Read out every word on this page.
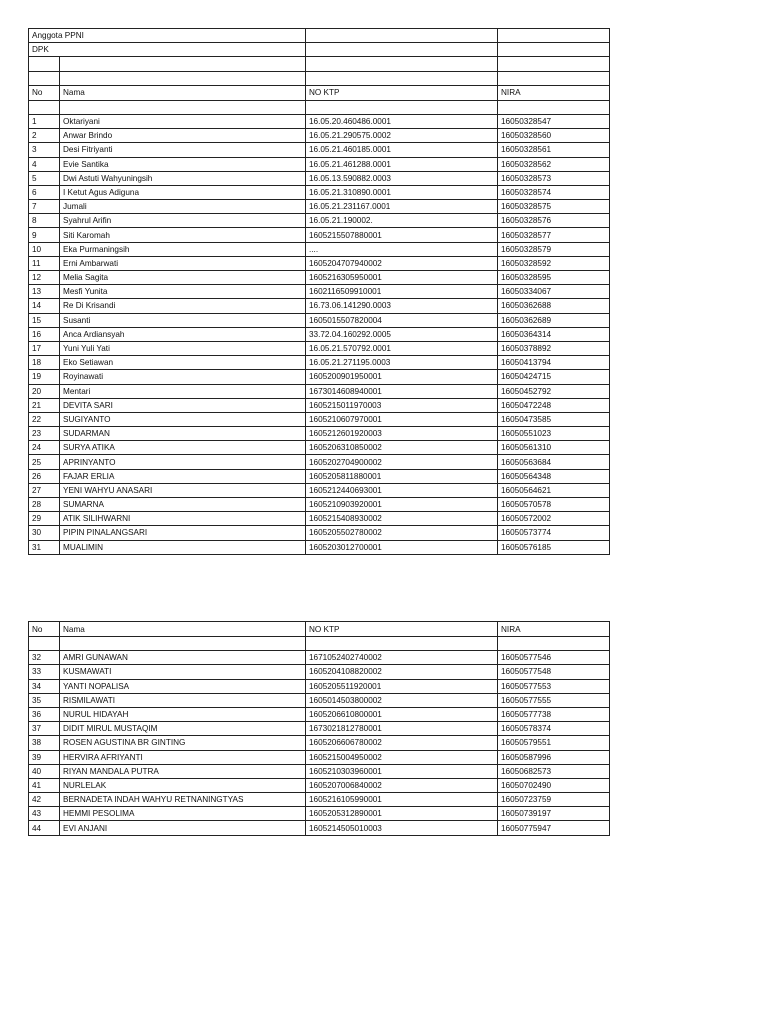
Anggota PPNI			
DPK			

No	Nama	NO KTP	NIRA

1	Oktariyani	16.05.20.460486.0001	16050328547
2	Anwar Brindo	16.05.21.290575.0002	16050328560
3	Desi Fitriyanti	16.05.21.460185.0001	16050328561
4	Evie Santika	16.05.21.461288.0001	16050328562
5	Dwi Astuti Wahyuningsih	16.05.13.590882.0003	16050328573
6	I Ketut Agus Adiguna	16.05.21.310890.0001	16050328574
7	Jumali	16.05.21.231167.0001	16050328575
8	Syahrul Arifin	16.05.21.190002.	16050328576
9	Siti Karomah	1605215507880001	16050328577
10	Eka Purmaningsih	....	16050328579
11	Erni Ambarwati	1605204707940002	16050328592
12	Melia Sagita	1605216305950001	16050328595
13	Mesfi Yunita	1602116509910001	16050334067
14	Re Di Krisandi	16.73.06.141290.0003	16050362688
15	Susanti	1605015507820004	16050362689
16	Anca Ardiansyah	33.72.04.160292.0005	16050364314
17	Yuni Yuli Yati	16.05.21.570792.0001	16050378892
18	Eko Setiawan	16.05.21.271195.0003	16050413794
19	Royinawati	1605200901950001	16050424715
20	Mentari	1673014608940001	16050452792
21	DEVITA SARI	1605215011970003	16050472248
22	SUGIYANTO	1605210607970001	16050473585
23	SUDARMAN	1605212601920003	16050551023
24	SURYA ATIKA	1605206310850002	16050561310
25	APRINYANTO	1605202704900002	16050563684
26	FAJAR ERLIA	1605205811880001	16050564348
27	YENI WAHYU ANASARI	1605212440693001	16050564621
28	SUMARNA	1605210903920001	16050570578
29	ATIK SILIHWARNI	1605215408930002	16050572002
30	PIPIN PINALANGSARI	1605205502780002	16050573774
31	MUALIMIN	1605203012700001	16050576185
No	Nama	NO KTP	NIRA

32	AMRI GUNAWAN	1671052402740002	16050577546
33	KUSMAWATI	1605204108820002	16050577548
34	YANTI NOPALISA	1605205511920001	16050577553
35	RISMILAWATI	1605014503800002	16050577555
36	NURUL HIDAYAH	1605206610800001	16050577738
37	DIDIT MIRUL MUSTAQIM	1673021812780001	16050578374
38	ROSEN AGUSTINA BR GINTING	1605206606780002	16050579551
39	HERVIRA AFRIYANTI	1605215004950002	16050587996
40	RIYAN MANDALA PUTRA	1605210303960001	16050682573
41	NURLELAK	1605207006840002	16050702490
42	BERNADETA INDAH WAHYU RETNANINGTYAS	1605216105990001	16050723759
43	HEMMI PESOLIMA	1605205312890001	16050739197
44	EVI ANJANI	1605214505010003	16050775947
